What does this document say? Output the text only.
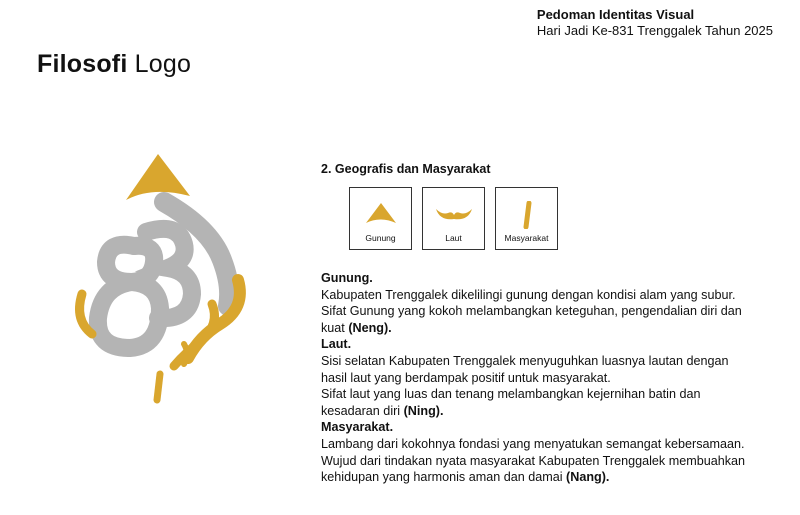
Pedoman Identitas Visual
Hari Jadi Ke-831 Trenggalek Tahun 2025
Filosofi Logo
2. Geografis dan Masyarakat
Gunung	Laut	Masyarakat

Gunung.

Kabupaten Trenggalek dikelilingi gunung dengan kondisi alam yang subur. Sifat Gunung yang kokoh melambangkan keteguhan, pengendalian diri dan kuat (Neng).

Laut.

Sisi selatan Kabupaten Trenggalek menyuguhkan luasnya lautan dengan hasil laut yang berdampak positif untuk masyarakat.

Sifat laut yang luas dan tenang melambangkan kejernihan batin dan kesadaran diri (Ning).

Masyarakat.

Lambang dari kokohnya fondasi yang menyatukan semangat kebersamaan. Wujud dari tindakan nyata masyarakat Kabupaten Trenggalek membuahkan kehidupan yang harmonis aman dan damai (Nang).
